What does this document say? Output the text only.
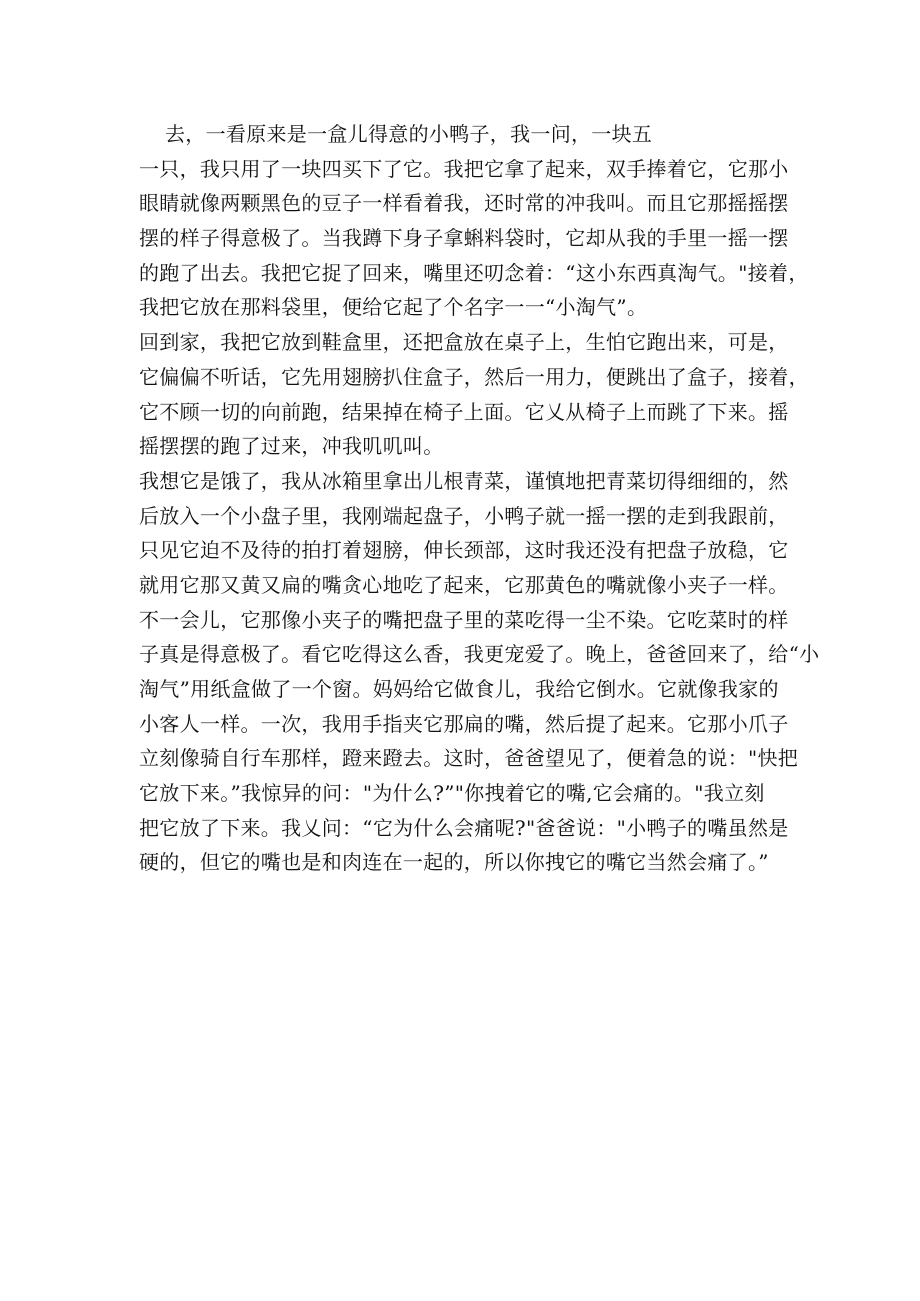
去，一看原来是一盒儿得意的小鸭子，我一问，一块五
一只，我只用了一块四买下了它。我把它拿了起来，双手捧着它，它那小
眼睛就像两颗黑色的豆子一样看着我，还时常的冲我叫。而且它那摇摇摆
摆的样子得意极了。当我蹲下身子拿蝌料袋时，它却从我的手里一摇一摆
的跑了出去。我把它捉了回来，嘴里还叨念着：“这小东西真淘气。"接着，
我把它放在那料袋里，便给它起了个名字一一“小淘气”。
回到家，我把它放到鞋盒里，还把盒放在桌子上，生怕它跑出来，可是，
它偏偏不听话，它先用翅膀扒住盒子，然后一用力，便跳出了盒子，接着，
它不顾一切的向前跑，结果掉在椅子上面。它乂从椅子上而跳了下来。摇
摇摆摆的跑了过来，冲我叽叽叫。
我想它是饿了，我从冰箱里拿出儿根青菜，谨慎地把青菜切得细细的，然
后放入一个小盘子里，我刚端起盘子，小鸭子就一摇一摆的走到我跟前，
只见它迫不及待的拍打着翅膀，伸长颈部，这时我还没有把盘子放稳，它
就用它那又黄又扁的嘴贪心地吃了起来，它那黄色的嘴就像小夹子一样。
不一会儿，它那像小夹子的嘴把盘子里的菜吃得一尘不染。它吃菜时的样
子真是得意极了。看它吃得这么香，我更宠爱了。晚上，爸爸回来了，给“小
淘气”用纸盒做了一个窗。妈妈给它做食儿，我给它倒水。它就像我家的
小客人一样。一次，我用手指夹它那扁的嘴，然后提了起来。它那小爪子
立刻像骑自行车那样，蹬来蹬去。这时，爸爸望见了，便着急的说："快把
它放下来。”我惊异的问："为什么?”"你拽着它的嘴,它会痛的。"我立刻
把它放了下来。我乂问：“它为什么会痛呢?"爸爸说："小鸭子的嘴虽然是
硬的，但它的嘴也是和肉连在一起的，所以你拽它的嘴它当然会痛了。”
